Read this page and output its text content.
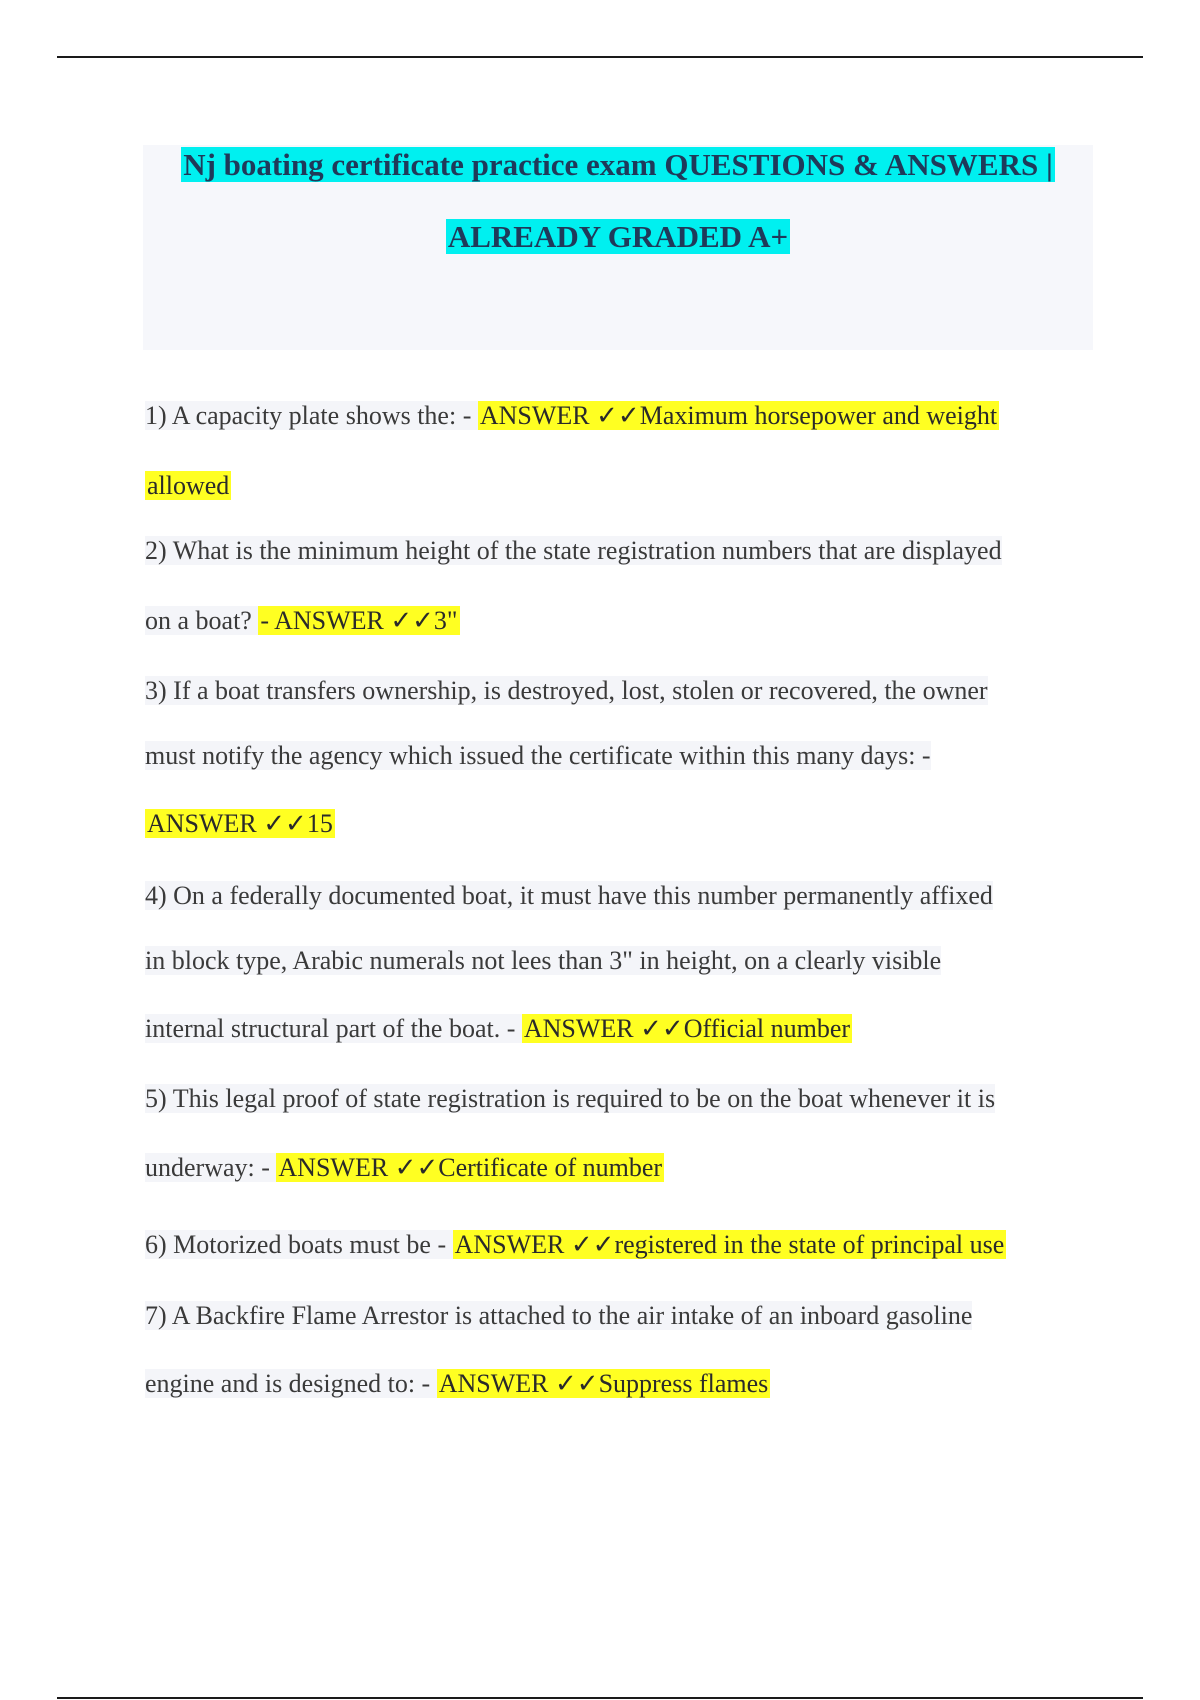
Nj boating certificate practice exam QUESTIONS & ANSWERS |
ALREADY GRADED A+
1) A capacity plate shows the: - ANSWER ✓✓Maximum horsepower and weight
allowed
2) What is the minimum height of the state registration numbers that are displayed
on a boat? - ANSWER ✓✓3"
3) If a boat transfers ownership, is destroyed, lost, stolen or recovered, the owner
must notify the agency which issued the certificate within this many days: -
ANSWER ✓✓15
4) On a federally documented boat, it must have this number permanently affixed
in block type, Arabic numerals not lees than 3" in height, on a clearly visible
internal structural part of the boat. - ANSWER ✓✓Official number
5) This legal proof of state registration is required to be on the boat whenever it is
underway: - ANSWER ✓✓Certificate of number
6) Motorized boats must be - ANSWER ✓✓registered in the state of principal use
7) A Backfire Flame Arrestor is attached to the air intake of an inboard gasoline
engine and is designed to: - ANSWER ✓✓Suppress flames
